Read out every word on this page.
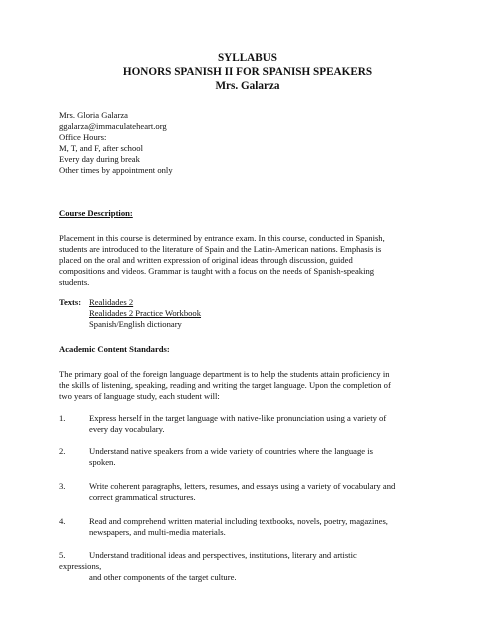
SYLLABUS
HONORS SPANISH II FOR SPANISH SPEAKERS
Mrs. Galarza
Mrs. Gloria Galarza
ggalarza@immaculateheart.org
Office Hours:
M, T, and F, after school
Every day during break
Other times by appointment only
Course Description:
Placement in this course is determined by entrance exam. In this course, conducted in Spanish,
students are introduced to the literature of Spain and the Latin-American nations. Emphasis is
placed on the oral and written expression of original ideas through discussion, guided
compositions and videos. Grammar is taught with a focus on the needs of Spanish-speaking
students.
Texts: Realidades 2
Realidades 2 Practice Workbook
Spanish/English dictionary
Academic Content Standards:
The primary goal of the foreign language department is to help the students attain proficiency in
the skills of listening, speaking, reading and writing the target language. Upon the completion of
two years of language study, each student will:
1.	Express herself in the target language with native-like pronunciation using a variety of
every day vocabulary.
2.	Understand native speakers from a wide variety of countries where the language is
spoken.
3.	Write coherent paragraphs, letters, resumes, and essays using a variety of vocabulary and
correct grammatical structures.
4.	Read and comprehend written material including textbooks, novels, poetry, magazines,
newspapers, and multi-media materials.
5.	Understand traditional ideas and perspectives, institutions, literary and artistic
expressions,
and other components of the target culture.
